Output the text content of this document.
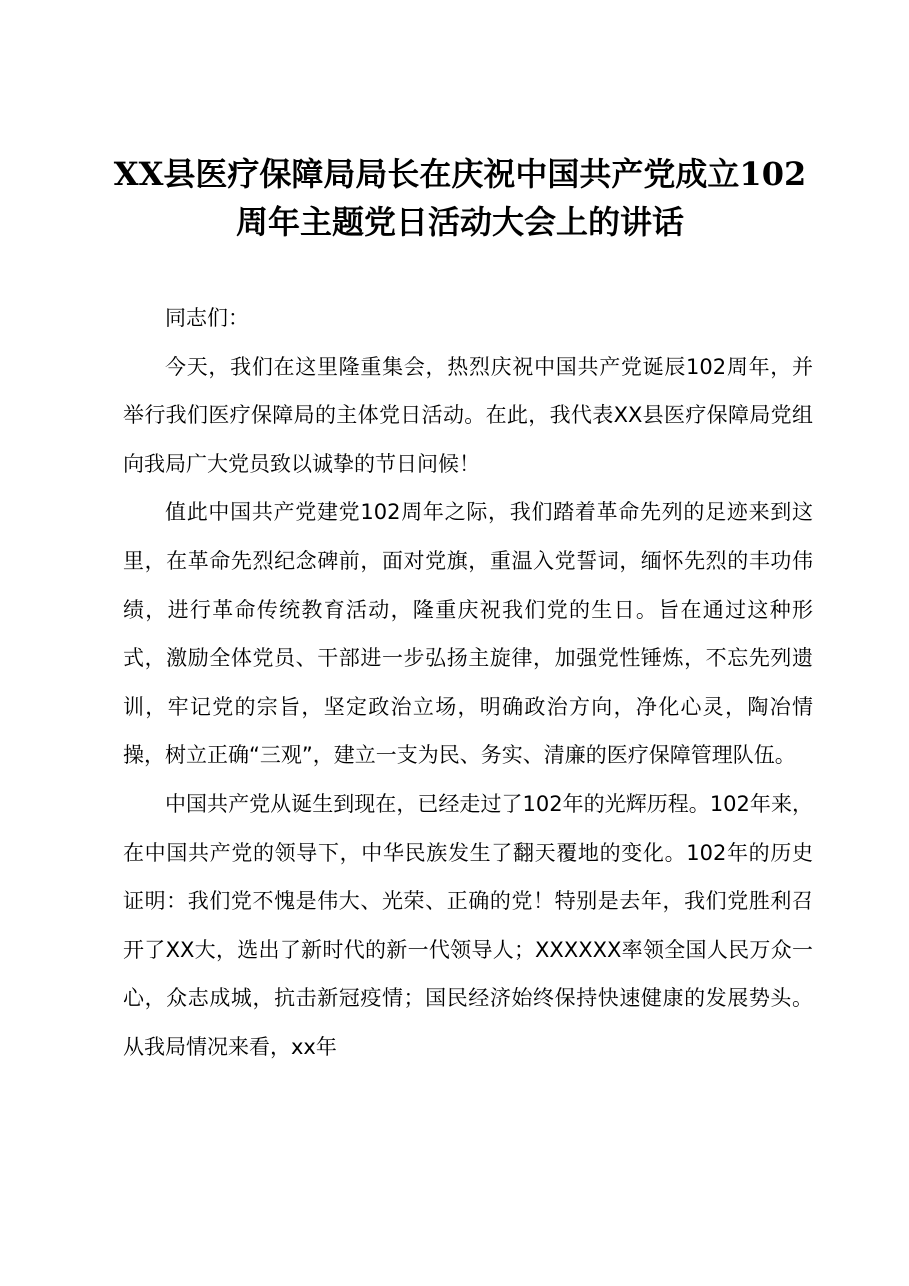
XX县医疗保障局局长在庆祝中国共产党成立102
周年主题党日活动大会上的讲话

同志们：

今天，我们在这里隆重集会，热烈庆祝中国共产党诞辰102周年，并举行我们医疗保障局的主体党日活动。在此，我代表XX县医疗保障局党组向我局广大党员致以诚挚的节日问候！

值此中国共产党建党102周年之际，我们踏着革命先列的足迹来到这里，在革命先烈纪念碑前，面对党旗，重温入党誓词，缅怀先烈的丰功伟绩，进行革命传统教育活动，隆重庆祝我们党的生日。旨在通过这种形式，激励全体党员、干部进一步弘扬主旋律，加强党性锤炼，不忘先列遗训，牢记党的宗旨，坚定政治立场，明确政治方向，净化心灵，陶冶情操，树立正确“三观”，建立一支为民、务实、清廉的医疗保障管理队伍。

中国共产党从诞生到现在，已经走过了102年的光辉历程。102年来，在中国共产党的领导下，中华民族发生了翻天覆地的变化。102年的历史证明：我们党不愧是伟大、光荣、正确的党！特别是去年，我们党胜利召开了XX大，选出了新时代的新一代领导人；XXXXXX率领全国人民万众一心，众志成城，抗击新冠疫情；国民经济始终保持快速健康的发展势头。从我局情况来看，xx年
